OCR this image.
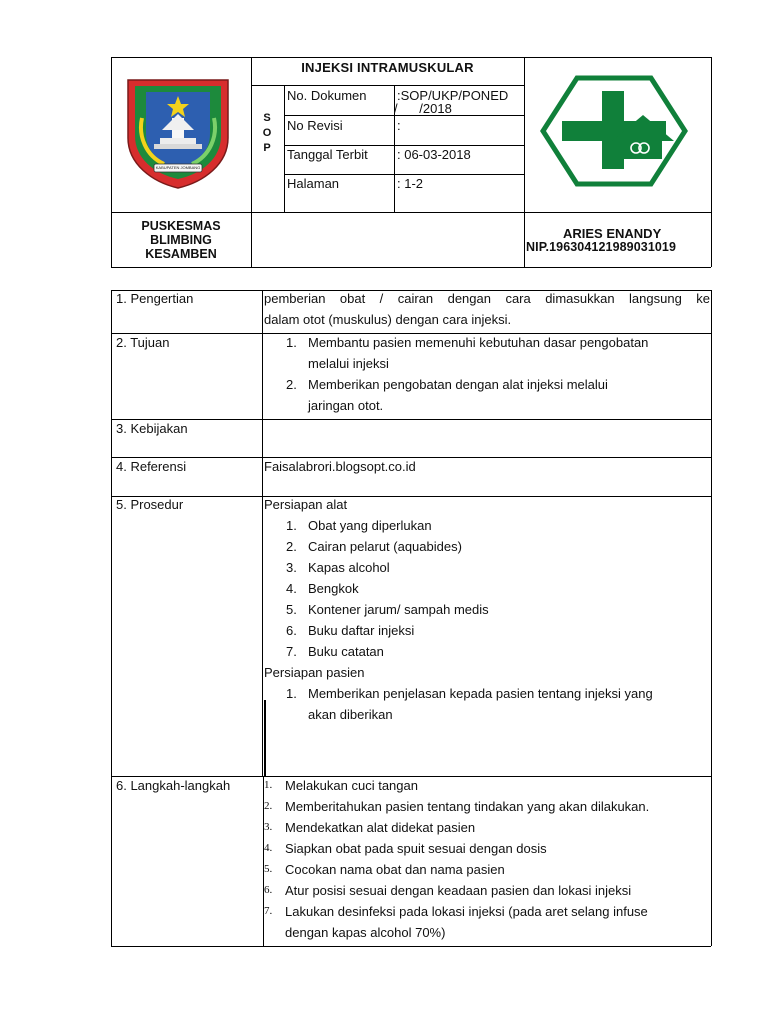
KABUPATEN JOMBANG
INJEKSI INTRAMUSKULAR
S
O
P
No. Dokumen :SOP/UKP/PONED
/      /2018
No Revisi	:
Tanggal Terbit : 06-03-2018
Halaman	: 1-2
PUSKESMAS
BLIMBING
KESAMBEN
ARIES ENANDY
NIP.196304121989031019
1. Pengertian	pemberian obat / cairan dengan cara dimasukkan langsung ke
dalam otot (muskulus) dengan cara injeksi.
2. Tujuan	1. Membantu pasien memenuhi kebutuhan dasar pengobatan
melalui injeksi
2. Memberikan pengobatan dengan alat injeksi melalui
jaringan otot.
3. Kebijakan
4. Referensi	Faisalabrori.blogsopt.co.id
5. Prosedur	Persiapan alat
1. Obat yang diperlukan
2. Cairan pelarut (aquabides)
3. Kapas alcohol
4. Bengkok
5. Kontener jarum/ sampah medis
6. Buku daftar injeksi
7. Buku catatan
Persiapan pasien
1. Memberikan penjelasan kepada pasien tentang injeksi yang
akan diberikan
6. Langkah-langkah	1. Melakukan cuci tangan
2. Memberitahukan pasien tentang tindakan yang akan dilakukan.
3. Mendekatkan alat didekat pasien
4. Siapkan obat pada spuit sesuai dengan dosis
5. Cocokan nama obat dan nama pasien
6. Atur posisi sesuai dengan keadaan pasien dan lokasi injeksi
7. Lakukan desinfeksi pada lokasi injeksi (pada aret selang infuse
dengan kapas alcohol 70%)
